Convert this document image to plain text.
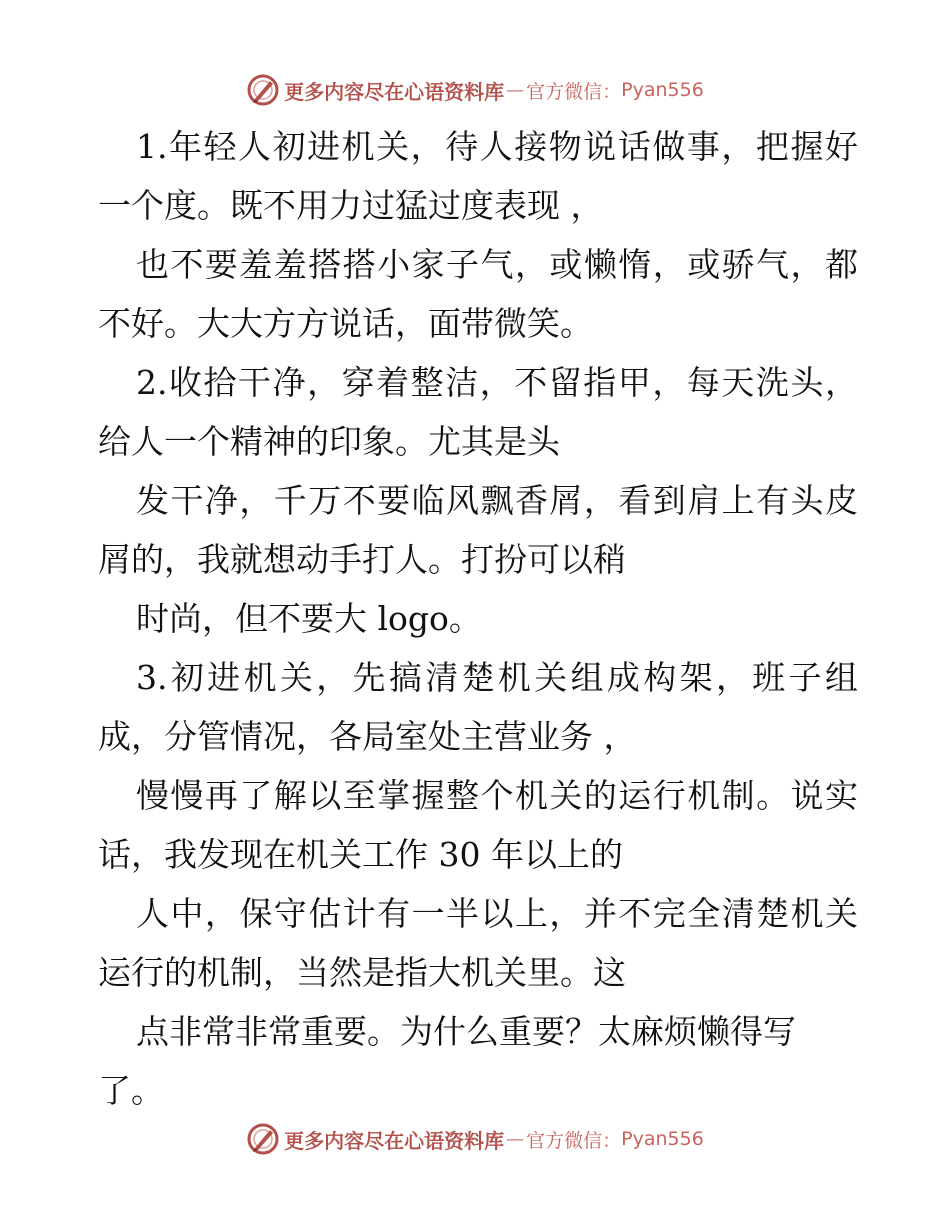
更多内容尽在心语资料库 — 官方微信： Pyan556
1.年轻人初进机关，待人接物说话做事，把握好
一个度。既不用力过猛过度表现 ，
也不要羞羞搭搭小家子气，或懒惰，或骄气，都
不好。大大方方说话，面带微笑。
2.收拾干净，穿着整洁，不留指甲，每天洗头，
给人一个精神的印象。尤其是头
发干净，千万不要临风飘香屑，看到肩上有头皮
屑的，我就想动手打人。打扮可以稍
时尚，但不要大 logo。
3.初进机关，先搞清楚机关组成构架，班子组
成，分管情况，各局室处主营业务 ，
慢慢再了解以至掌握整个机关的运行机制。说实
话，我发现在机关工作 30 年以上的
人中，保守估计有一半以上，并不完全清楚机关
运行的机制，当然是指大机关里。这
点非常非常重要。为什么重要？太麻烦懒得写
了。
更多内容尽在心语资料库 — 官方微信： Pyan556
